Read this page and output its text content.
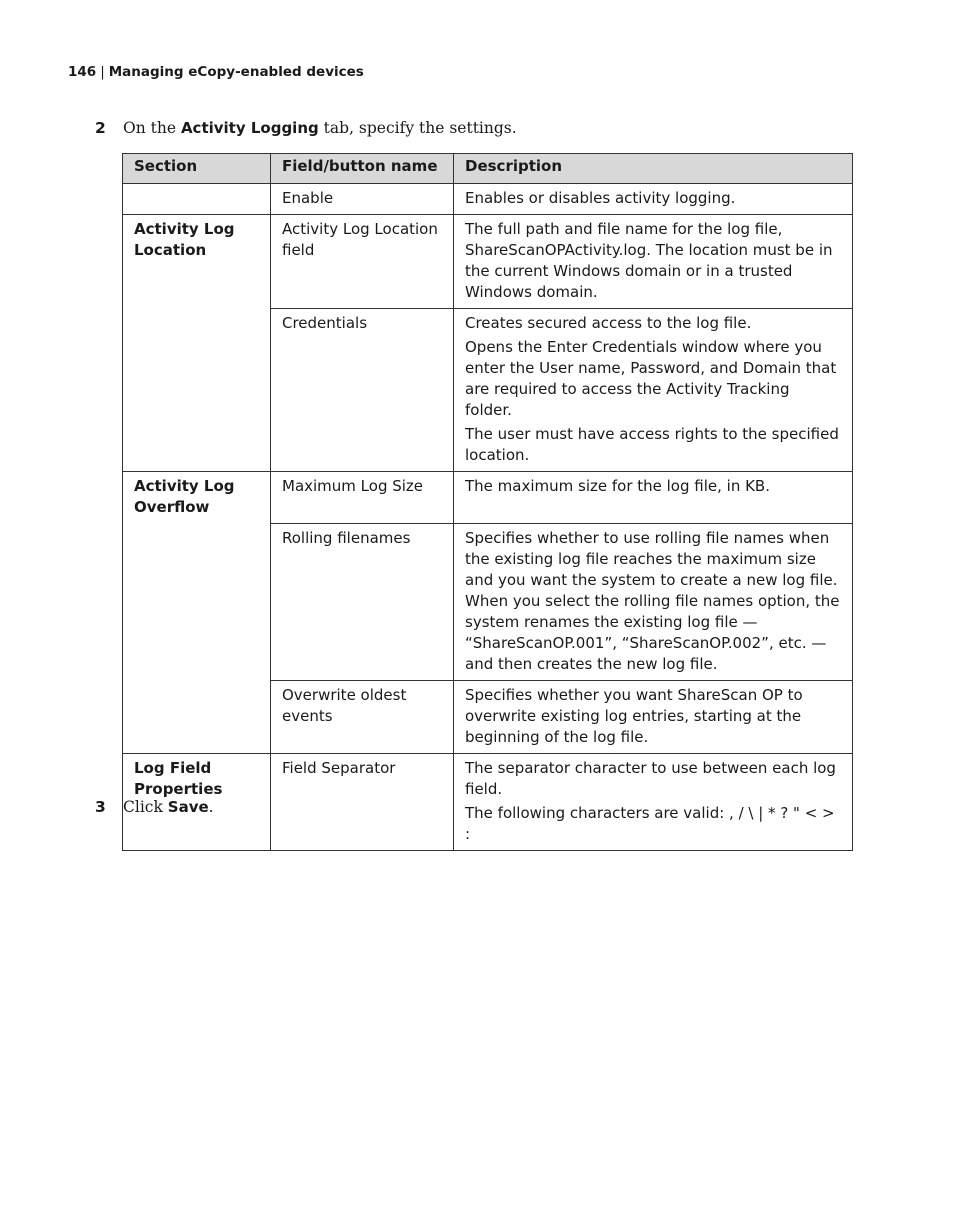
146 | Managing eCopy-enabled devices
2 On the Activity Logging tab, specify the settings.
Section	Field/button name	Description
	Enable	Enables or disables activity logging.

Activity Log Location	Activity Log Location field	The full path and file name for the log file, ShareScanOPActivity.log. The location must be in the current Windows domain or in a trusted Windows domain.

	Credentials	Creates secured access to the log file.

Opens the Enter Credentials window where you enter the User name, Password, and Domain that are required to access the Activity Tracking folder.

The user must have access rights to the specified location.

Activity Log Overflow	Maximum Log Size	The maximum size for the log file, in KB.

	Rolling filenames	Specifies whether to use rolling file names when the existing log file reaches the maximum size and you want the system to create a new log file. When you select the rolling file names option, the system renames the existing log file — “ShareScanOP.001”, “ShareScanOP.002”, etc. — and then creates the new log file.

	Overwrite oldest events	Specifies whether you want ShareScan OP to overwrite existing log entries, starting at the beginning of the log file.

Log Field Properties	Field Separator	The separator character to use between each log field.

The following characters are valid: , / \ | * ? " < > :

3 Click Save.
